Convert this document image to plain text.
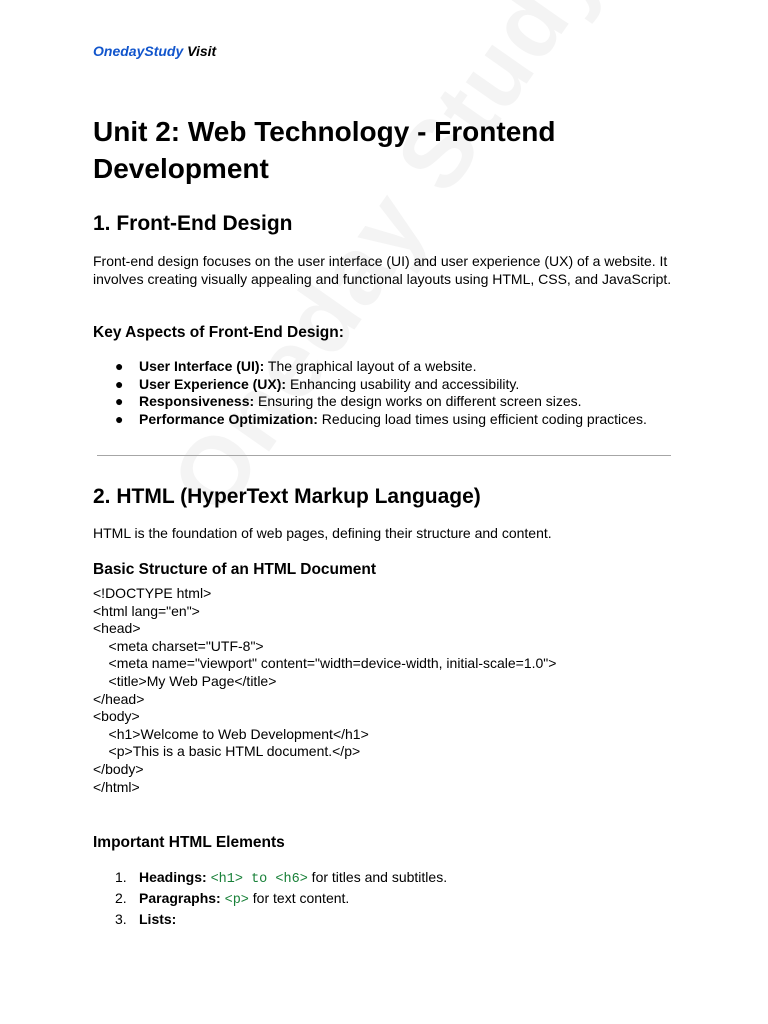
OnedayStudy Visit
Unit 2: Web Technology - Frontend Development
1. Front-End Design

Front-end design focuses on the user interface (UI) and user experience (UX) of a website. It involves creating visually appealing and functional layouts using HTML, CSS, and JavaScript.

Key Aspects of Front-End Design:
● User Interface (UI): The graphical layout of a website.
● User Experience (UX): Enhancing usability and accessibility.
● Responsiveness: Ensuring the design works on different screen sizes.
● Performance Optimization: Reducing load times using efficient coding practices.
2. HTML (HyperText Markup Language)

HTML is the foundation of web pages, defining their structure and content.

Basic Structure of an HTML Document
<!DOCTYPE html>
<html lang="en">
<head>
<meta charset="UTF-8">
<meta name="viewport" content="width=device-width, initial-scale=1.0">
<title>My Web Page</title>
</head>
<body>
<h1>Welcome to Web Development</h1>
<p>This is a basic HTML document.</p>
</body>
</html>
Important HTML Elements
1. Headings: <h1> to <h6> for titles and subtitles.
2. Paragraphs: <p> for text content.
3. Lists:
